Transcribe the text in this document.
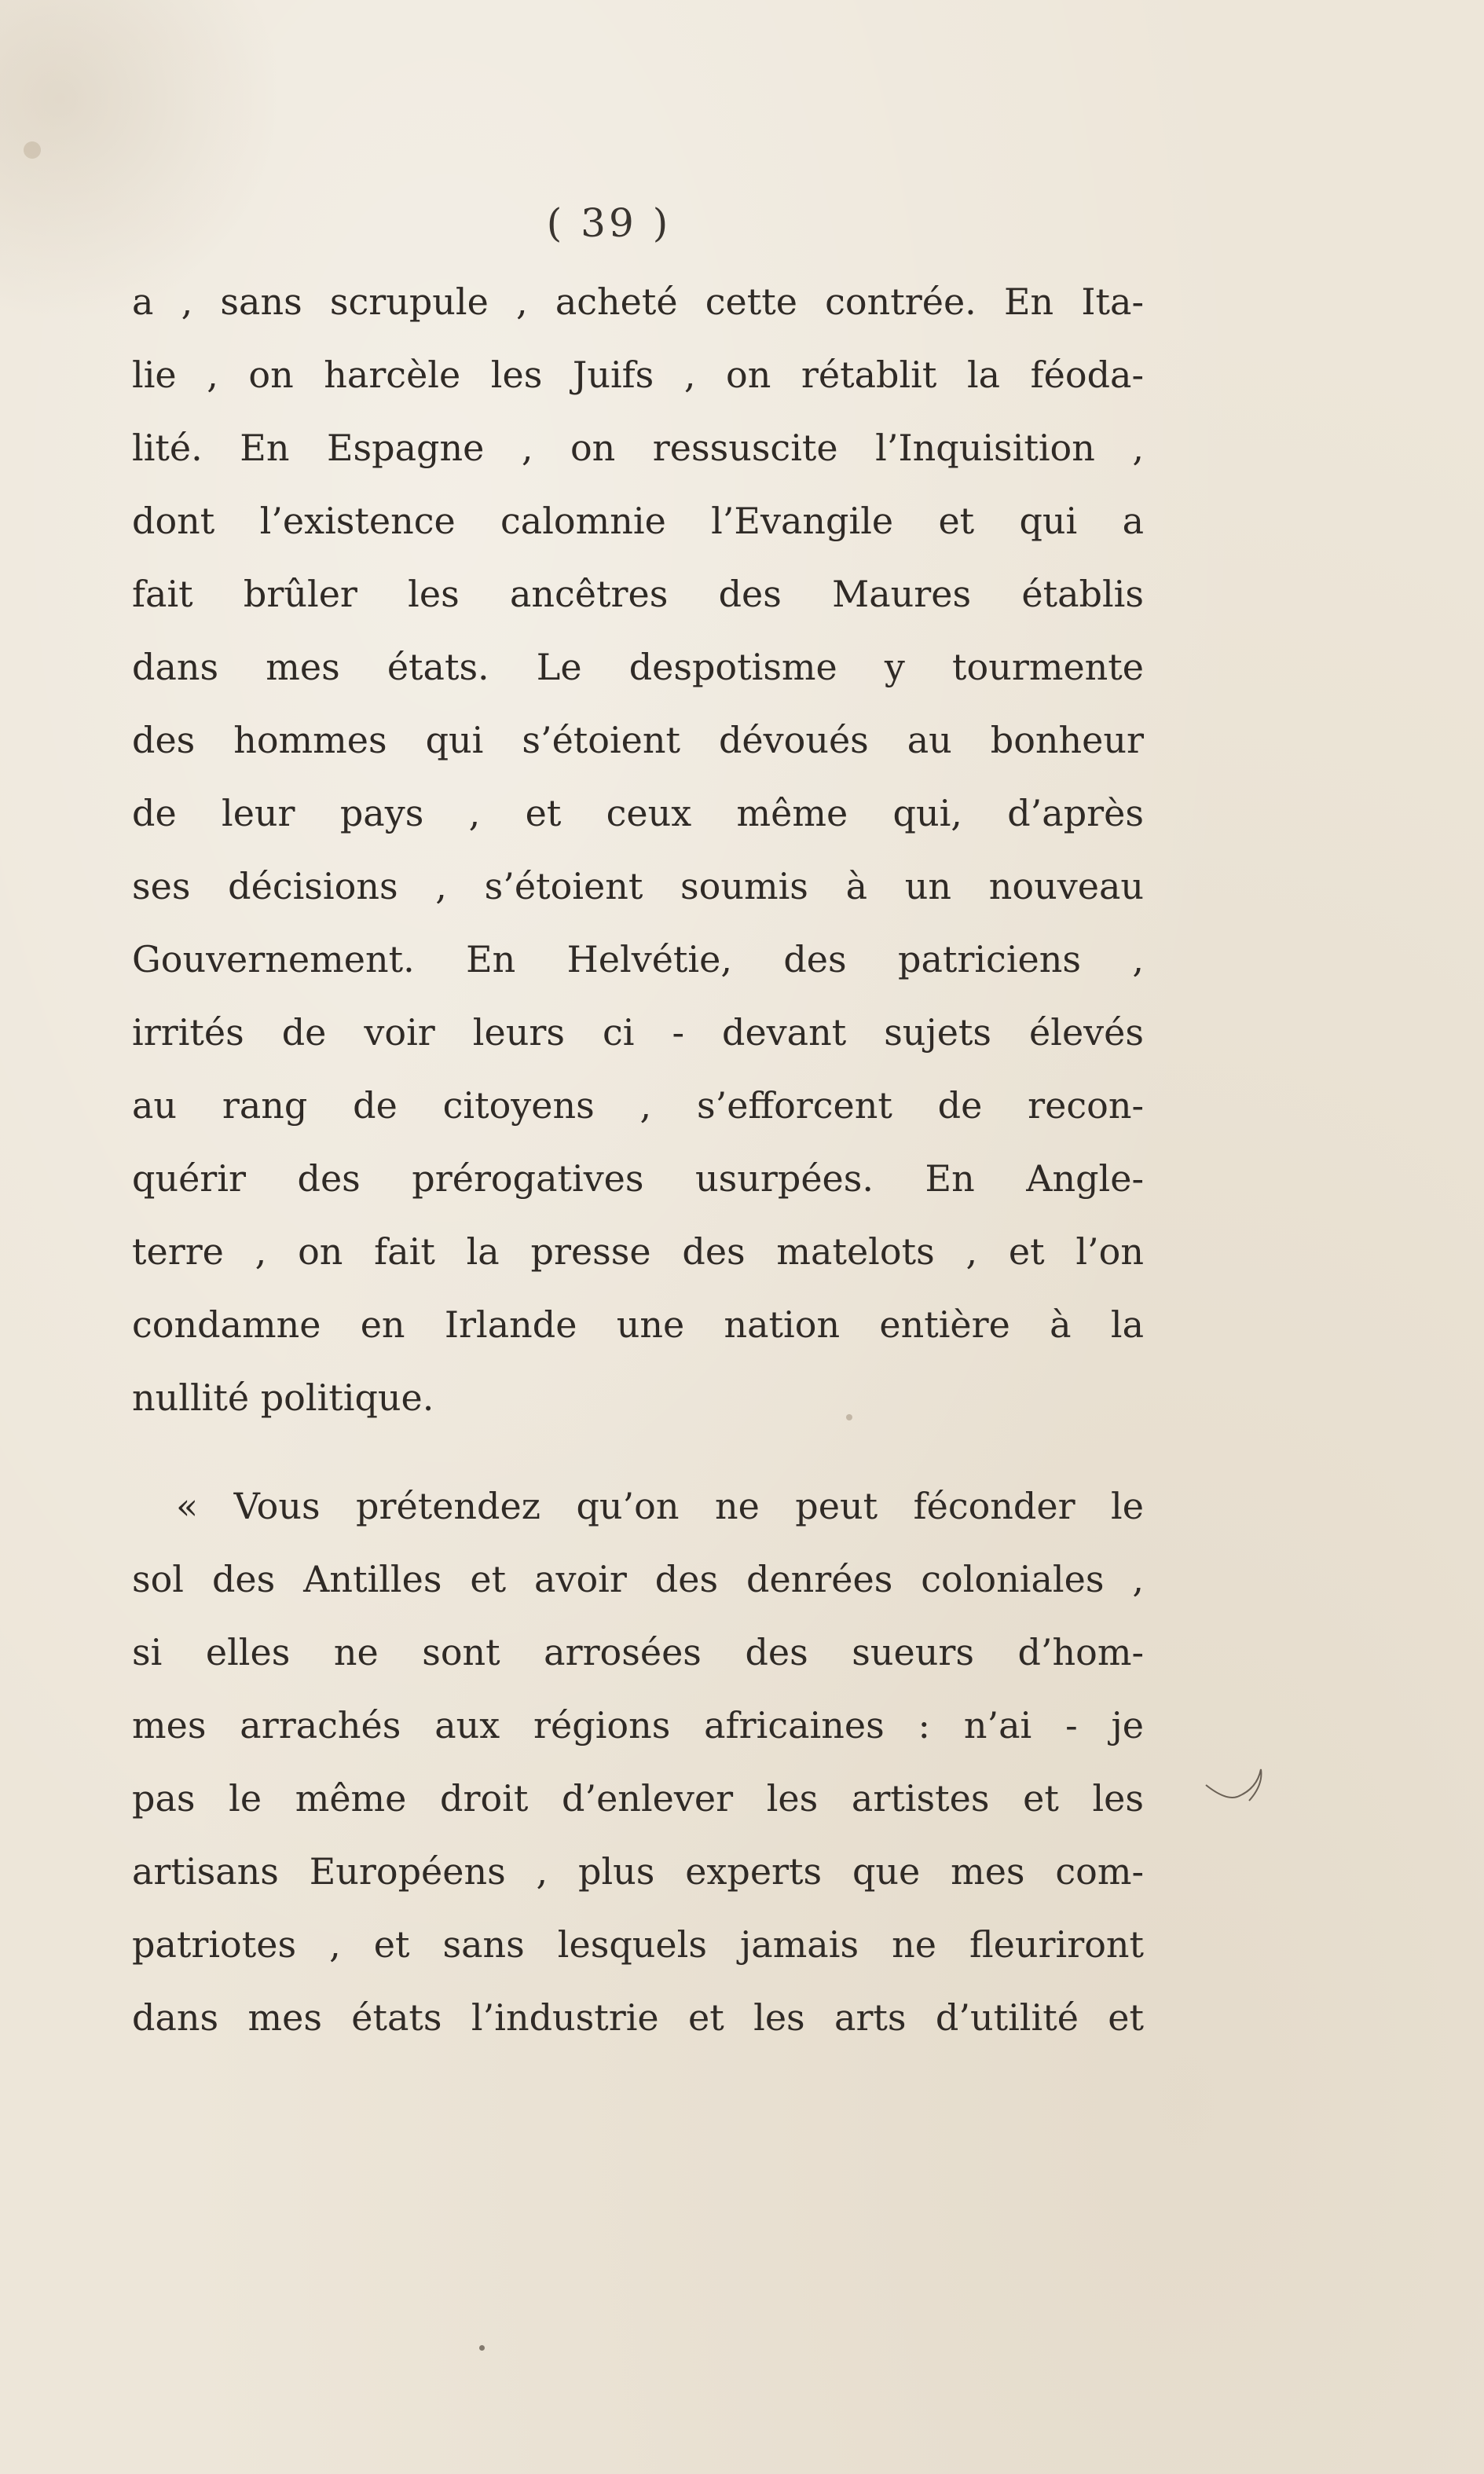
( 39 )
a , sans scrupule , acheté cette contrée. En Ita-
lie , on harcèle les Juifs , on rétablit la féoda-
lité. En Espagne , on ressuscite l’Inquisition ,
dont l’existence calomnie l’Evangile et qui a
fait brûler les ancêtres des Maures établis
dans mes états. Le despotisme y tourmente
des hommes qui s’étoient dévoués au bonheur
de leur pays , et ceux même qui, d’après
ses décisions , s’étoient soumis à un nouveau
Gouvernement. En Helvétie, des patriciens ,
irrités de voir leurs ci - devant sujets élevés
au rang de citoyens , s’efforcent de recon-
quérir des prérogatives usurpées. En Angle-
terre , on fait la presse des matelots , et l’on
condamne en Irlande une nation entière à la
nullité politique.
« Vous prétendez qu’on ne peut féconder le
sol des Antilles et avoir des denrées coloniales ,
si elles ne sont arrosées des sueurs d’hom-
mes arrachés aux régions africaines : n’ai - je
pas le même droit d’enlever les artistes et les
artisans Européens , plus experts que mes com-
patriotes , et sans lesquels jamais ne fleuriront
dans mes états l’industrie et les arts d’utilité et
